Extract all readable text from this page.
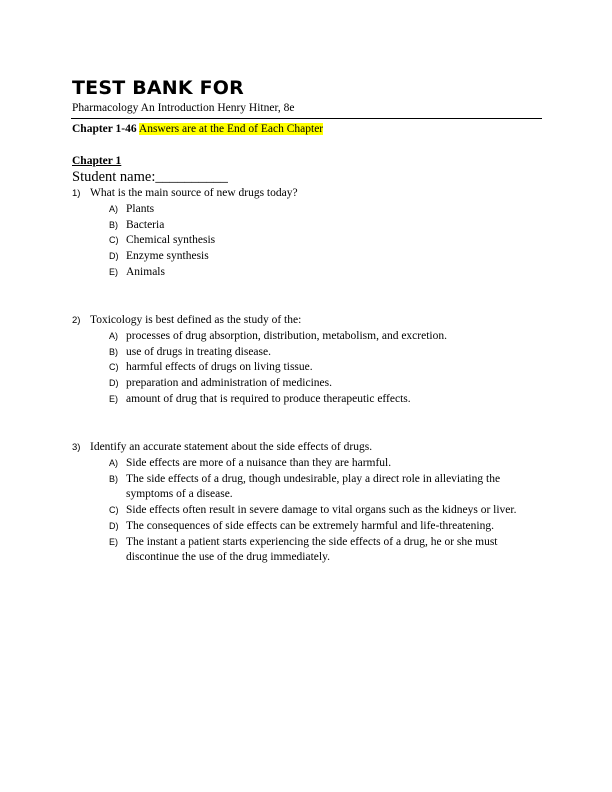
TEST BANK FOR
Pharmacology An Introduction Henry Hitner, 8e
Chapter 1-46 Answers are at the End of Each Chapter
Chapter 1
Student name:__________
1) What is the main source of new drugs today?
A) Plants
B) Bacteria
C) Chemical synthesis
D) Enzyme synthesis
E) Animals
2) Toxicology is best defined as the study of the:
A) processes of drug absorption, distribution, metabolism, and excretion.
B) use of drugs in treating disease.
C) harmful effects of drugs on living tissue.
D) preparation and administration of medicines.
E) amount of drug that is required to produce therapeutic effects.
3) Identify an accurate statement about the side effects of drugs.
A) Side effects are more of a nuisance than they are harmful.
B) The side effects of a drug, though undesirable, play a direct role in alleviating the symptoms of a disease.
C) Side effects often result in severe damage to vital organs such as the kidneys or liver.
D) The consequences of side effects can be extremely harmful and life-threatening.
E) The instant a patient starts experiencing the side effects of a drug, he or she must discontinue the use of the drug immediately.
